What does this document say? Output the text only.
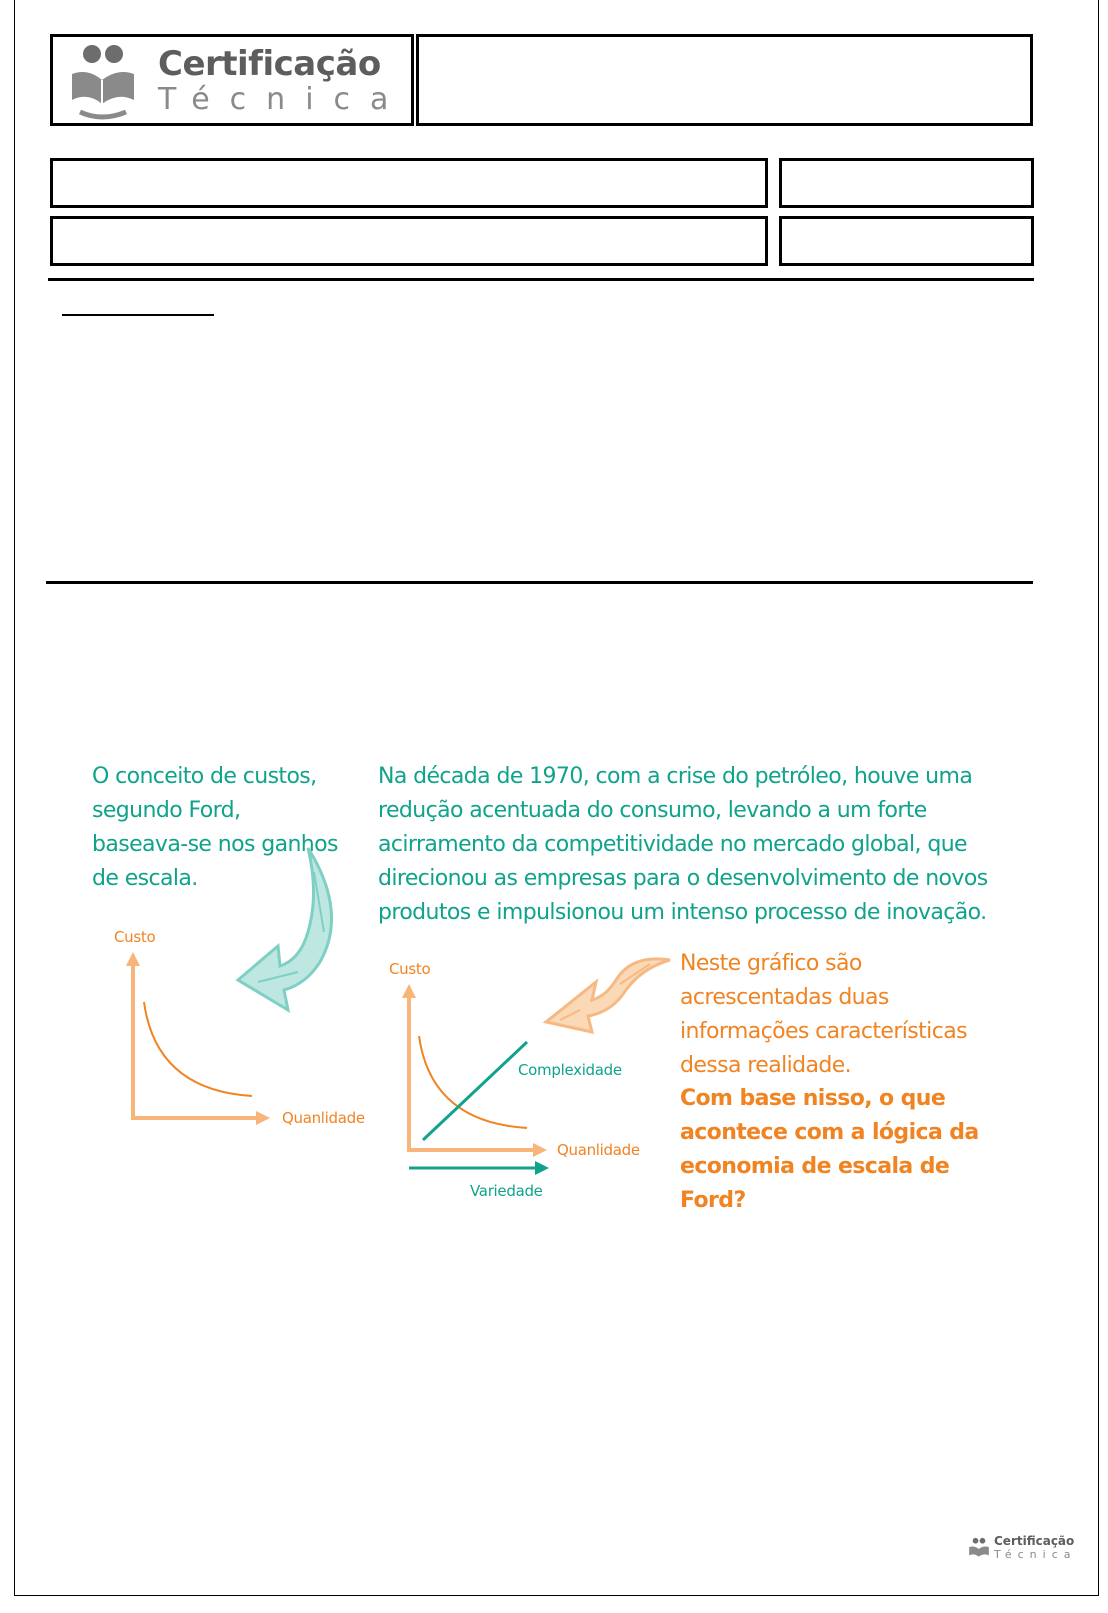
Certificação
Técnica
O conceito de custos, segundo Ford, baseava-se nos ganhos de escala.
Na década de 1970, com a crise do petróleo, houve uma redução acentuada do consumo, levando a um forte acirramento da competitividade no mercado global, que direcionou as empresas para o desenvolvimento de novos produtos e impulsionou um intenso processo de inovação.
Neste gráfico são acrescentadas duas informações características dessa realidade.
Com base nisso, o que acontece com a lógica da economia de escala de Ford?
Custo
Quanlidade
Custo
Quanlidade
Complexidade
Variedade
Certificação
Técnica
